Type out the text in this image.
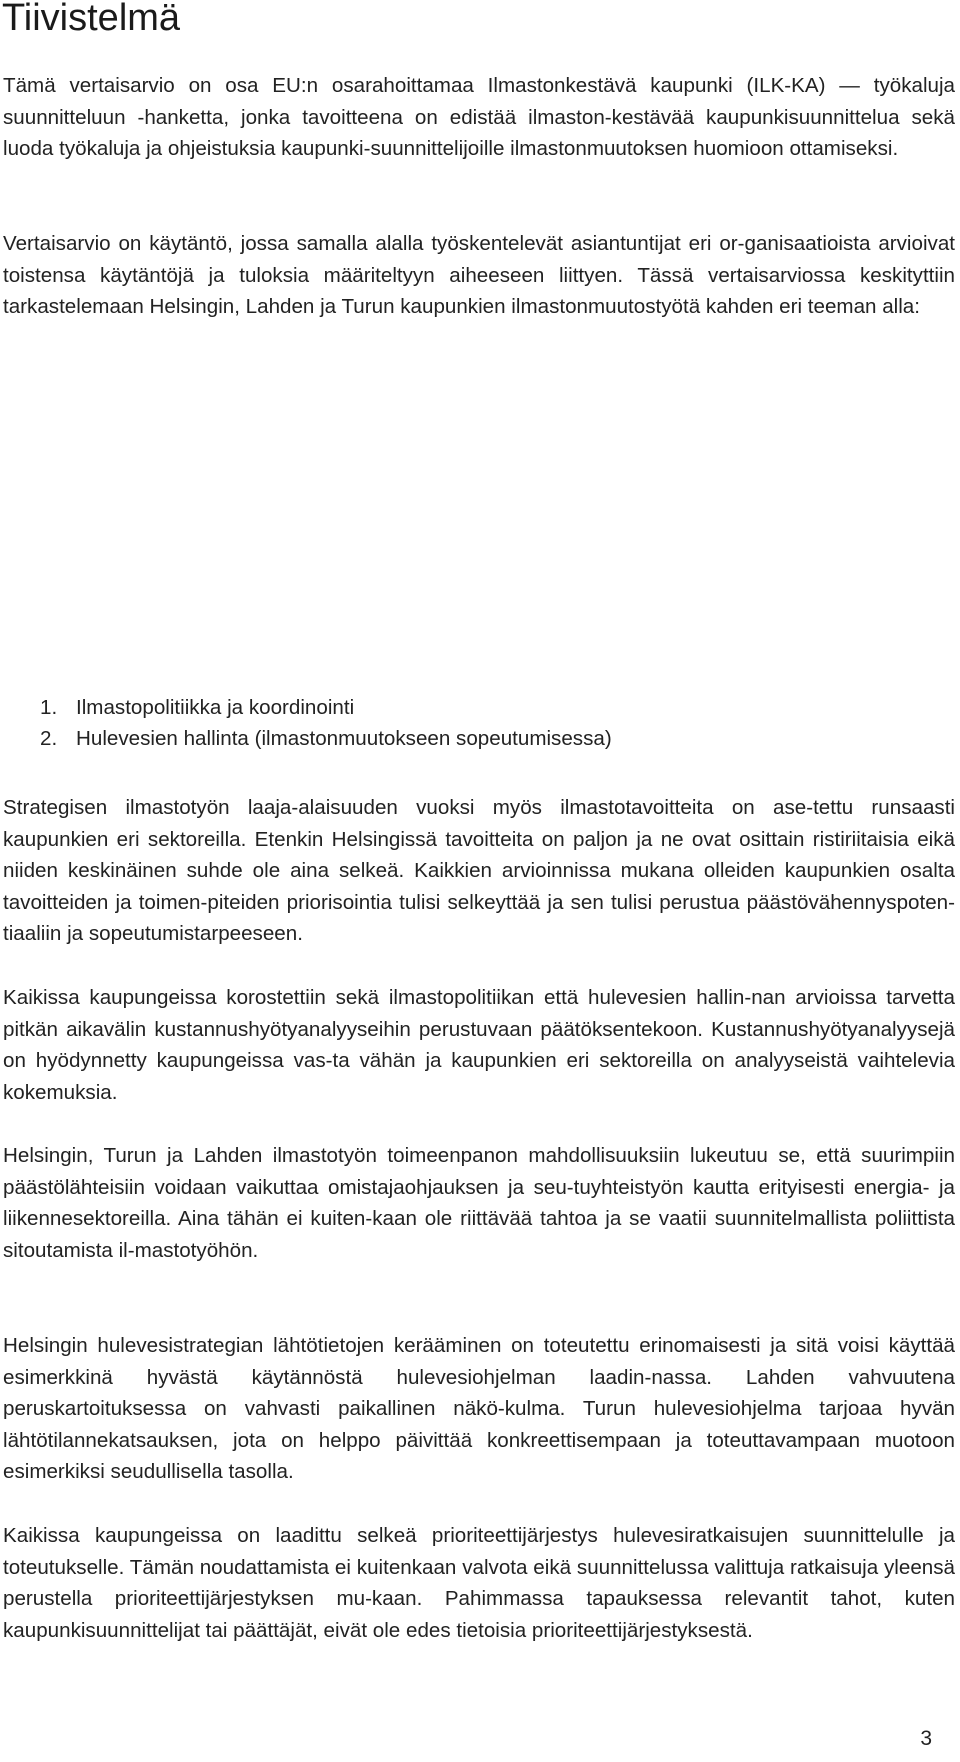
Tiivistelmä

Tämä vertaisarvio on osa EU:n osarahoittamaa Ilmastonkestävä kaupunki (ILK-KA) — työkaluja suunnitteluun -hanketta, jonka tavoitteena on edistää ilmaston-kestävää kaupunkisuunnittelua sekä luoda työkaluja ja ohjeistuksia kaupunki-suunnittelijoille ilmastonmuutoksen huomioon ottamiseksi.

Vertaisarvio on käytäntö, jossa samalla alalla työskentelevät asiantuntijat eri or-ganisaatioista arvioivat toistensa käytäntöjä ja tuloksia määriteltyyn aiheeseen liittyen. Tässä vertaisarviossa keskityttiin tarkastelemaan Helsingin, Lahden ja Turun kaupunkien ilmastonmuutostyötä kahden eri teeman alla:

1. Ilmastopolitiikka ja koordinointi
2. Hulevesien hallinta (ilmastonmuutokseen sopeutumisessa)

Strategisen ilmastotyön laaja-alaisuuden vuoksi myös ilmastotavoitteita on ase-tettu runsaasti kaupunkien eri sektoreilla. Etenkin Helsingissä tavoitteita on paljon ja ne ovat osittain ristiriitaisia eikä niiden keskinäinen suhde ole aina selkeä. Kaikkien arvioinnissa mukana olleiden kaupunkien osalta tavoitteiden ja toimen-piteiden priorisointia tulisi selkeyttää ja sen tulisi perustua päästövähennyspoten-tiaaliin ja sopeutumistarpeeseen.

Kaikissa kaupungeissa korostettiin sekä ilmastopolitiikan että hulevesien hallin-nan arvioissa tarvetta pitkän aikavälin kustannushyötyanalyyseihin perustuvaan päätöksentekoon. Kustannushyötyanalyysejä on hyödynnetty kaupungeissa vas-ta vähän ja kaupunkien eri sektoreilla on analyyseistä vaihtelevia kokemuksia.

Helsingin, Turun ja Lahden ilmastotyön toimeenpanon mahdollisuuksiin lukeutuu se, että suurimpiin päästölähteisiin voidaan vaikuttaa omistajaohjauksen ja seu-tuyhteistyön kautta erityisesti energia- ja liikennesektoreilla. Aina tähän ei kuiten-kaan ole riittävää tahtoa ja se vaatii suunnitelmallista poliittista sitoutamista il-mastotyöhön.

Helsingin hulevesistrategian lähtötietojen kerääminen on toteutettu erinomaisesti ja sitä voisi käyttää esimerkkinä hyvästä käytännöstä hulevesiohjelman laadin-nassa. Lahden vahvuutena peruskartoituksessa on vahvasti paikallinen näkö-kulma. Turun hulevesiohjelma tarjoaa hyvän lähtötilannekatsauksen, jota on helppo päivittää konkreettisempaan ja toteuttavampaan muotoon esimerkiksi seudullisella tasolla.

Kaikissa kaupungeissa on laadittu selkeä prioriteettijärjestys hulevesiratkaisujen suunnittelulle ja toteutukselle. Tämän noudattamista ei kuitenkaan valvota eikä suunnittelussa valittuja ratkaisuja yleensä perustella prioriteettijärjestyksen mu-kaan. Pahimmassa tapauksessa relevantit tahot, kuten kaupunkisuunnittelijat tai päättäjät, eivät ole edes tietoisia prioriteettijärjestyksestä.

3
